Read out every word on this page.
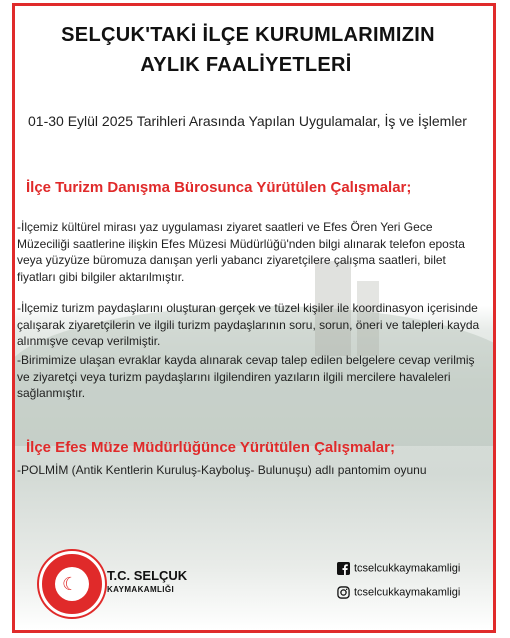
SELÇUK'TAKİ İLÇE KURUMLARIMIZIN
AYLIK FAALİYETLERİ
01-30 Eylül 2025 Tarihleri Arasında Yapılan Uygulamalar, İş ve İşlemler
İlçe Turizm Danışma Bürosunca Yürütülen Çalışmalar;
-İlçemiz kültürel mirası yaz uygulaması ziyaret saatleri ve Efes Ören Yeri Gece Müzeciliği saatlerine ilişkin Efes Müzesi Müdürlüğü'nden bilgi alınarak telefon eposta veya yüzyüze büromuza danışan yerli yabancı ziyaretçilere çalışma saatleri, bilet fiyatları gibi bilgiler aktarılmıştır.
-İlçemiz turizm paydaşlarını oluşturan gerçek ve tüzel kişiler ile koordinasyon içerisinde çalışarak ziyaretçilerin ve ilgili turizm paydaşlarının soru, sorun, öneri ve talepleri kayda alınmışve cevap verilmiştir.
-Birimimize ulaşan evraklar kayda alınarak cevap talep edilen belgelere cevap verilmiş ve ziyaretçi veya turizm paydaşlarını ilgilendiren yazıların ilgili mercilere havaleleri sağlanmıştır.
İlçe Efes Müze Müdürlüğünce Yürütülen Çalışmalar;
-POLMİM (Antik Kentlerin Kuruluş-Kayboluş- Bulunuşu) adlı pantomim oyunu
☾ T.C. SELÇUK
KAYMAKAMLIĞI
tcselcukkaymakamligi
tcselcukkaymakamligi
